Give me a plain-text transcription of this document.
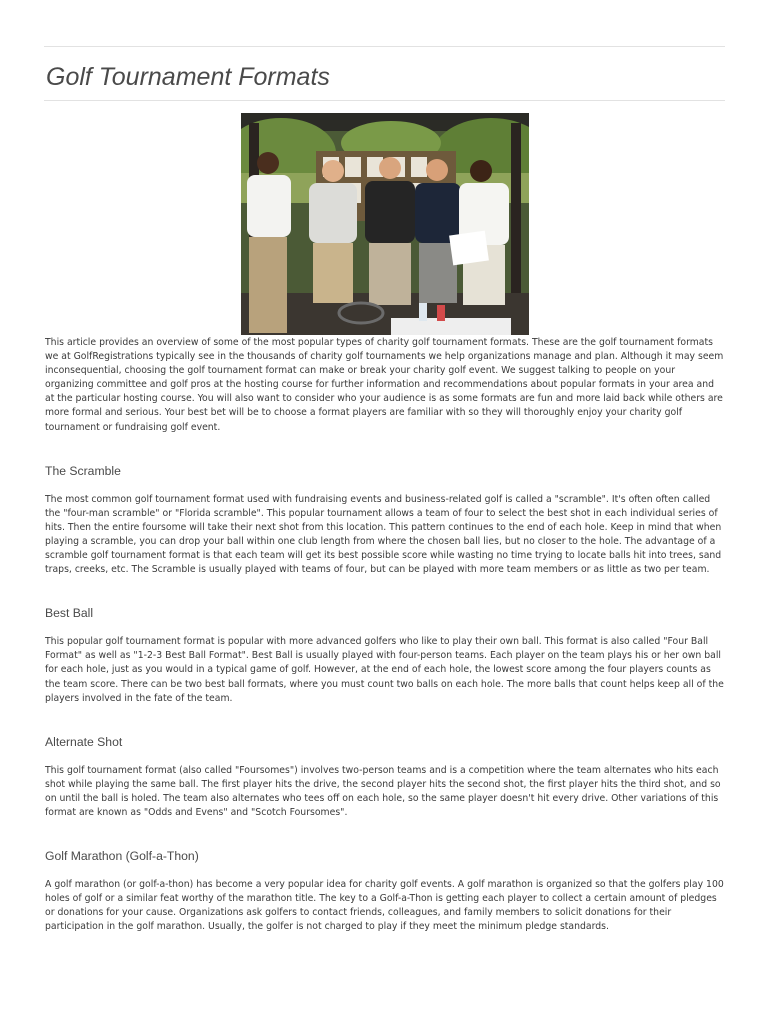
Golf Tournament Formats

This article provides an overview of some of the most popular types of charity golf tournament formats. These are the golf tournament formats we at GolfRegistrations typically see in the thousands of charity golf tournaments we help organizations manage and plan. Although it may seem inconsequential, choosing the golf tournament format can make or break your charity golf event. We suggest talking to people on your organizing committee and golf pros at the hosting course for further information and recommendations about popular formats in your area and at the particular hosting course. You will also want to consider who your audience is as some formats are fun and more laid back while others are more formal and serious. Your best bet will be to choose a format players are familiar with so they will thoroughly enjoy your charity golf tournament or fundraising golf event.

The Scramble

The most common golf tournament format used with fundraising events and business-related golf is called a "scramble". It's often often called the "four-man scramble" or "Florida scramble". This popular tournament allows a team of four to select the best shot in each individual series of hits. Then the entire foursome will take their next shot from this location. This pattern continues to the end of each hole. Keep in mind that when playing a scramble, you can drop your ball within one club length from where the chosen ball lies, but no closer to the hole. The advantage of a scramble golf tournament format is that each team will get its best possible score while wasting no time trying to locate balls hit into trees, sand traps, creeks, etc. The Scramble is usually played with teams of four, but can be played with more team members or as little as two per team.

Best Ball

This popular golf tournament format is popular with more advanced golfers who like to play their own ball. This format is also called "Four Ball Format" as well as "1-2-3 Best Ball Format". Best Ball is usually played with four-person teams. Each player on the team plays his or her own ball for each hole, just as you would in a typical game of golf. However, at the end of each hole, the lowest score among the four players counts as the team score. There can be two best ball formats, where you must count two balls on each hole. The more balls that count helps keep all of the players involved in the fate of the team.

Alternate Shot

This golf tournament format (also called "Foursomes") involves two-person teams and is a competition where the team alternates who hits each shot while playing the same ball. The first player hits the drive, the second player hits the second shot, the first player hits the third shot, and so on until the ball is holed. The team also alternates who tees off on each hole, so the same player doesn't hit every drive. Other variations of this format are known as "Odds and Evens" and "Scotch Foursomes".

Golf Marathon (Golf-a-Thon)

A golf marathon (or golf-a-thon) has become a very popular idea for charity golf events. A golf marathon is organized so that the golfers play 100 holes of golf or a similar feat worthy of the marathon title. The key to a Golf-a-Thon is getting each player to collect a certain amount of pledges or donations for your cause. Organizations ask golfers to contact friends, colleagues, and family members to solicit donations for their participation in the golf marathon. Usually, the golfer is not charged to play if they meet the minimum pledge standards.
